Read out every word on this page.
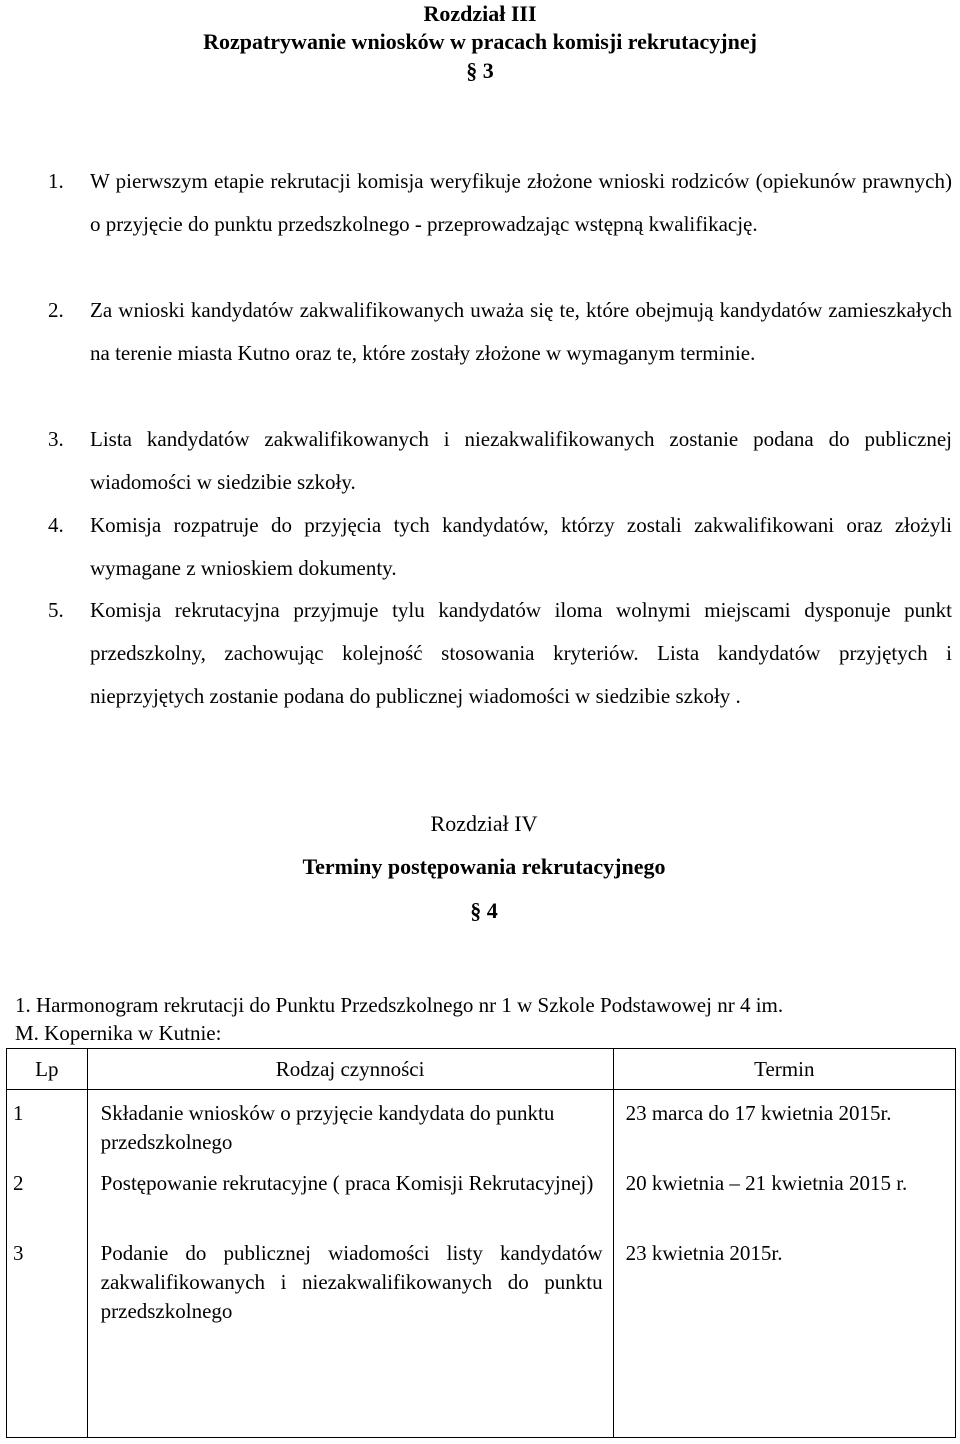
Rozdział III
Rozpatrywanie wniosków w pracach komisji rekrutacyjnej
§ 3
1. W pierwszym etapie rekrutacji komisja weryfikuje złożone wnioski rodziców (opiekunów prawnych) o przyjęcie do punktu przedszkolnego - przeprowadzając wstępną kwalifikację.
2. Za wnioski kandydatów zakwalifikowanych uważa się te, które obejmują kandydatów zamieszkałych na terenie miasta Kutno oraz te, które zostały złożone w wymaganym terminie.
3. Lista kandydatów zakwalifikowanych i niezakwalifikowanych zostanie podana do publicznej wiadomości w siedzibie szkoły.
4. Komisja rozpatruje do przyjęcia tych kandydatów, którzy zostali zakwalifikowani oraz złożyli wymagane z wnioskiem dokumenty.
5. Komisja rekrutacyjna przyjmuje tylu kandydatów iloma wolnymi miejscami dysponuje punkt przedszkolny, zachowując kolejność stosowania kryteriów. Lista kandydatów przyjętych i nieprzyjętych zostanie podana do publicznej wiadomości w siedzibie szkoły .
Rozdział IV
Terminy postępowania rekrutacyjnego
§ 4
1. Harmonogram rekrutacji do Punktu Przedszkolnego nr 1 w Szkole Podstawowej nr 4 im.
M. Kopernika w Kutnie:
Lp	Rodzaj czynności	Termin
1	Składanie wniosków o przyjęcie kandydata do punktu przedszkolnego	23 marca do 17 kwietnia 2015r.
2	Postępowanie rekrutacyjne ( praca Komisji Rekrutacyjnej)	20 kwietnia – 21 kwietnia 2015 r.
3	Podanie do publicznej wiadomości listy kandydatów zakwalifikowanych i niezakwalifikowanych do punktu przedszkolnego	23 kwietnia 2015r.
